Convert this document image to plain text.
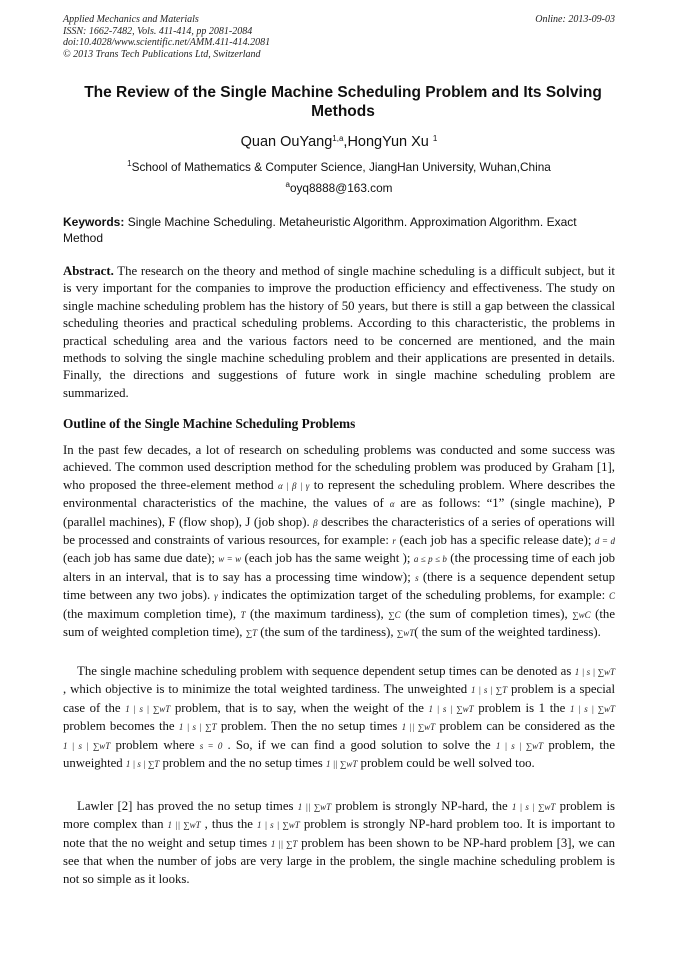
Applied Mechanics and Materials
ISSN: 1662-7482, Vols. 411-414, pp 2081-2084
doi:10.4028/www.scientific.net/AMM.411-414.2081
© 2013 Trans Tech Publications Ltd, Switzerland
Online: 2013-09-03
The Review of the Single Machine Scheduling Problem and Its Solving Methods
Quan OuYang$^{1,a}$,HongYun Xu $^1$
$^1$School of Mathematics & Computer Science, JiangHan University, Wuhan,China
$^a$oyq8888@163.com
Keywords: Single Machine Scheduling. Metaheuristic Algorithm. Approximation Algorithm. Exact Method
Abstract. The research on the theory and method of single machine scheduling is a difficult subject, but it is very important for the companies to improve the production efficiency and effectiveness. The study on single machine scheduling problem has the history of 50 years, but there is still a gap between the classical scheduling theories and practical scheduling problems. According to this characteristic, the problems in practical scheduling area and the various factors need to be concerned are mentioned, and the main methods to solving the single machine scheduling problem and their applications are presented in details. Finally, the directions and suggestions of future work in single machine scheduling problem are summarized.
Outline of the Single Machine Scheduling Problems
In the past few decades, a lot of research on scheduling problems was conducted and some success was achieved. The common used description method for the scheduling problem was produced by Graham [1], who proposed the three-element method α | β | γ to represent the scheduling problem. Where describes the environmental characteristics of the machine, the values of α are as follows: “1” (single machine), P (parallel machines), F (flow shop), J (job shop). β describes the characteristics of a series of operations will be processed and constraints of various resources, for example: r (each job has a specific release date); d = d (each job has same due date); w = w (each job has the same weight ); a ≤ p ≤ b (the processing time of each job alters in an interval, that is to say has a processing time window); s (there is a sequence dependent setup time between any two jobs). γ indicates the optimization target of the scheduling problems, for example: C (the maximum completion time), T (the maximum tardiness), ∑C (the sum of completion times), ∑wC (the sum of weighted completion time), ∑T (the sum of the tardiness), ∑wT( the sum of the weighted tardiness).
The single machine scheduling problem with sequence dependent setup times can be denoted as 1 | s | ∑wT , which objective is to minimize the total weighted tardiness. The unweighted 1 | s | ∑T problem is a special case of the 1 | s | ∑wT problem, that is to say, when the weight of the 1 | s | ∑wT problem is 1 the 1 | s | ∑wT problem becomes the 1 | s | ∑T problem. Then the no setup times 1 || ∑wT problem can be considered as the 1 | s | ∑wT problem where s = 0 . So, if we can find a good solution to solve the 1 | s | ∑wT problem, the unweighted 1 | s | ∑T problem and the no setup times 1 || ∑wT problem could be well solved too.
Lawler [2] has proved the no setup times 1 || ∑wT problem is strongly NP-hard, the 1 | s | ∑wT problem is more complex than 1 || ∑wT , thus the 1 | s | ∑wT problem is strongly NP-hard problem too. It is important to note that the no weight and setup times 1 || ∑T problem has been shown to be NP-hard problem [3], we can see that when the number of jobs are very large in the problem, the single machine scheduling problem is not so simple as it looks.
